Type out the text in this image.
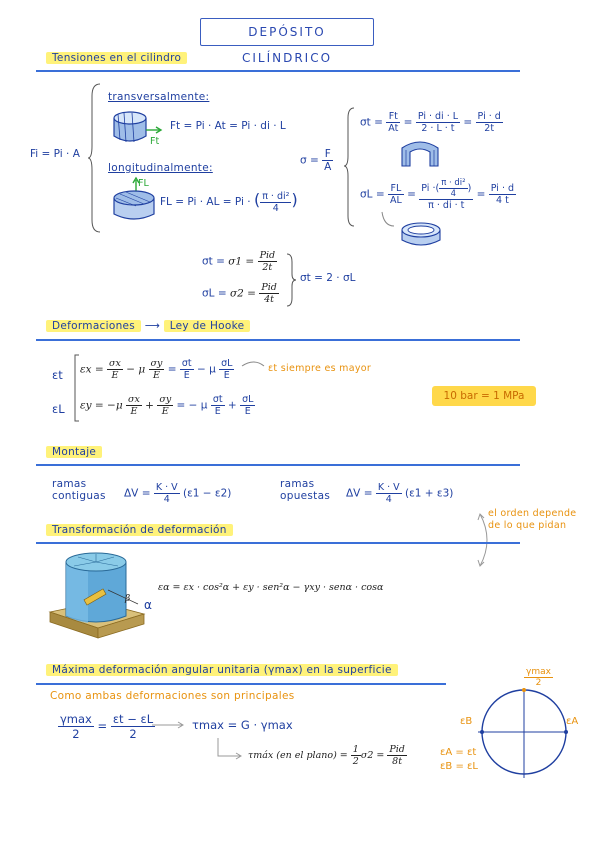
DEPÓSITO CILÍNDRICO
Tensiones en el cilindro
Fi = Pi · A
transversalmente:
Ft
Ft = Pi · At = Pi · di · L
longitudinalmente:
FL
FL = Pi · AL = Pi · ( $\frac{\text{π · di²}}{4}$ )
$\sigma = \frac{F}{A}$
$\sigma t = \frac{Ft}{At} = \frac{Pi \cdot di \cdot L}{2 \cdot L \cdot t} = \frac{Pi \cdot d}{2t}$
$\sigma L = \frac{FL}{AL} = \frac{Pi \cdot( \frac{\text{π · di²}}{4} )}{\pi \cdot di \cdot t} = \frac{Pi \cdot d}{4 t}$
$\sigma t = \sigma 1 = \frac{\text{Pid}}{2t}$
$\sigma L = \sigma 2 = \frac{\text{Pid}}{4t}$
σt = 2 · σL
Deformaciones ⟶ Ley de Hooke
εt $\varepsilon x = \frac{\sigma x}{E} - \mu \frac{\sigma y}{E} = \frac{\sigma t}{E} - \mu \frac{\sigma L}{E}$
εL $\varepsilon y = -\mu \frac{\sigma x}{E} + \frac{\sigma y}{E}$ = − μ $\frac{\sigma t}{E} + \frac{\sigma L}{E}$
εt siempre es mayor
10 bar = 1 MPa
Montaje
ramas
contiguas $\Delta V = \frac{K \cdot V}{4} (\varepsilon 1 - \varepsilon 2)$
ramas
opuestas $\Delta V = \frac{K \cdot V}{4} (\varepsilon 1 + \varepsilon 3)$
el orden depende
de lo que pidan
Transformación de deformación
β α
εα = εx · cos²α + εy · sen²α − γxy · senα · cosα
Máxima deformación angular unitaria (γmax) en la superficie
Como ambas deformaciones son principales
$\frac{\gamma\max}{2} = \frac{\varepsilon t - \varepsilon L}{2}$	τmax = G · γmax
τmáx (en el plano) = $\frac{1}{2} \sigma 2 = \frac{\text{Pid}}{8t}$
$\frac{\gamma\max}{2}$
εB	εA
εA = εt
εB = εL
